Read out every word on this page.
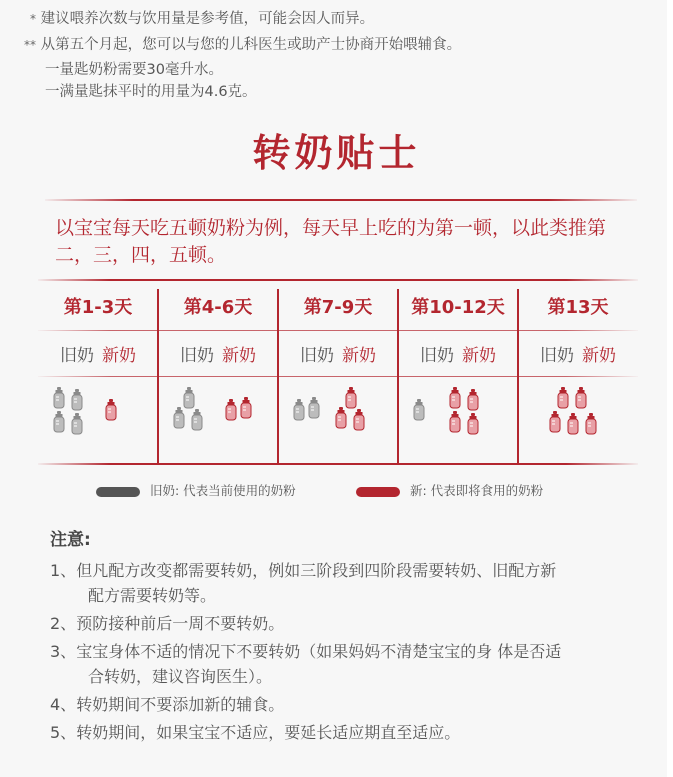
* 建议喂养次数与饮用量是参考值，可能会因人而异。
** 从第五个月起，您可以与您的儿科医生或助产士协商开始喂辅食。
一量匙奶粉需要30毫升水。
一满量匙抹平时的用量为4.6克。
转奶贴士
以宝宝每天吃五顿奶粉为例，每天早上吃的为第一顿，以此类推第二，三，四，五顿。
第1-3天
旧奶 新奶
第4-6天
旧奶 新奶
第7-9天
旧奶 新奶
第10-12天
旧奶 新奶
第13天
旧奶 新奶
旧奶: 代表当前使用的奶粉	新: 代表即将食用的奶粉
注意:
1、但凡配方改变都需要转奶，例如三阶段到四阶段需要转奶、旧配方新
配方需要转奶等。
2、预防接种前后一周不要转奶。
3、宝宝身体不适的情况下不要转奶（如果妈妈不清楚宝宝的身 体是否适
合转奶，建议咨询医生）。
4、转奶期间不要添加新的辅食。
5、转奶期间，如果宝宝不适应，要延长适应期直至适应。
